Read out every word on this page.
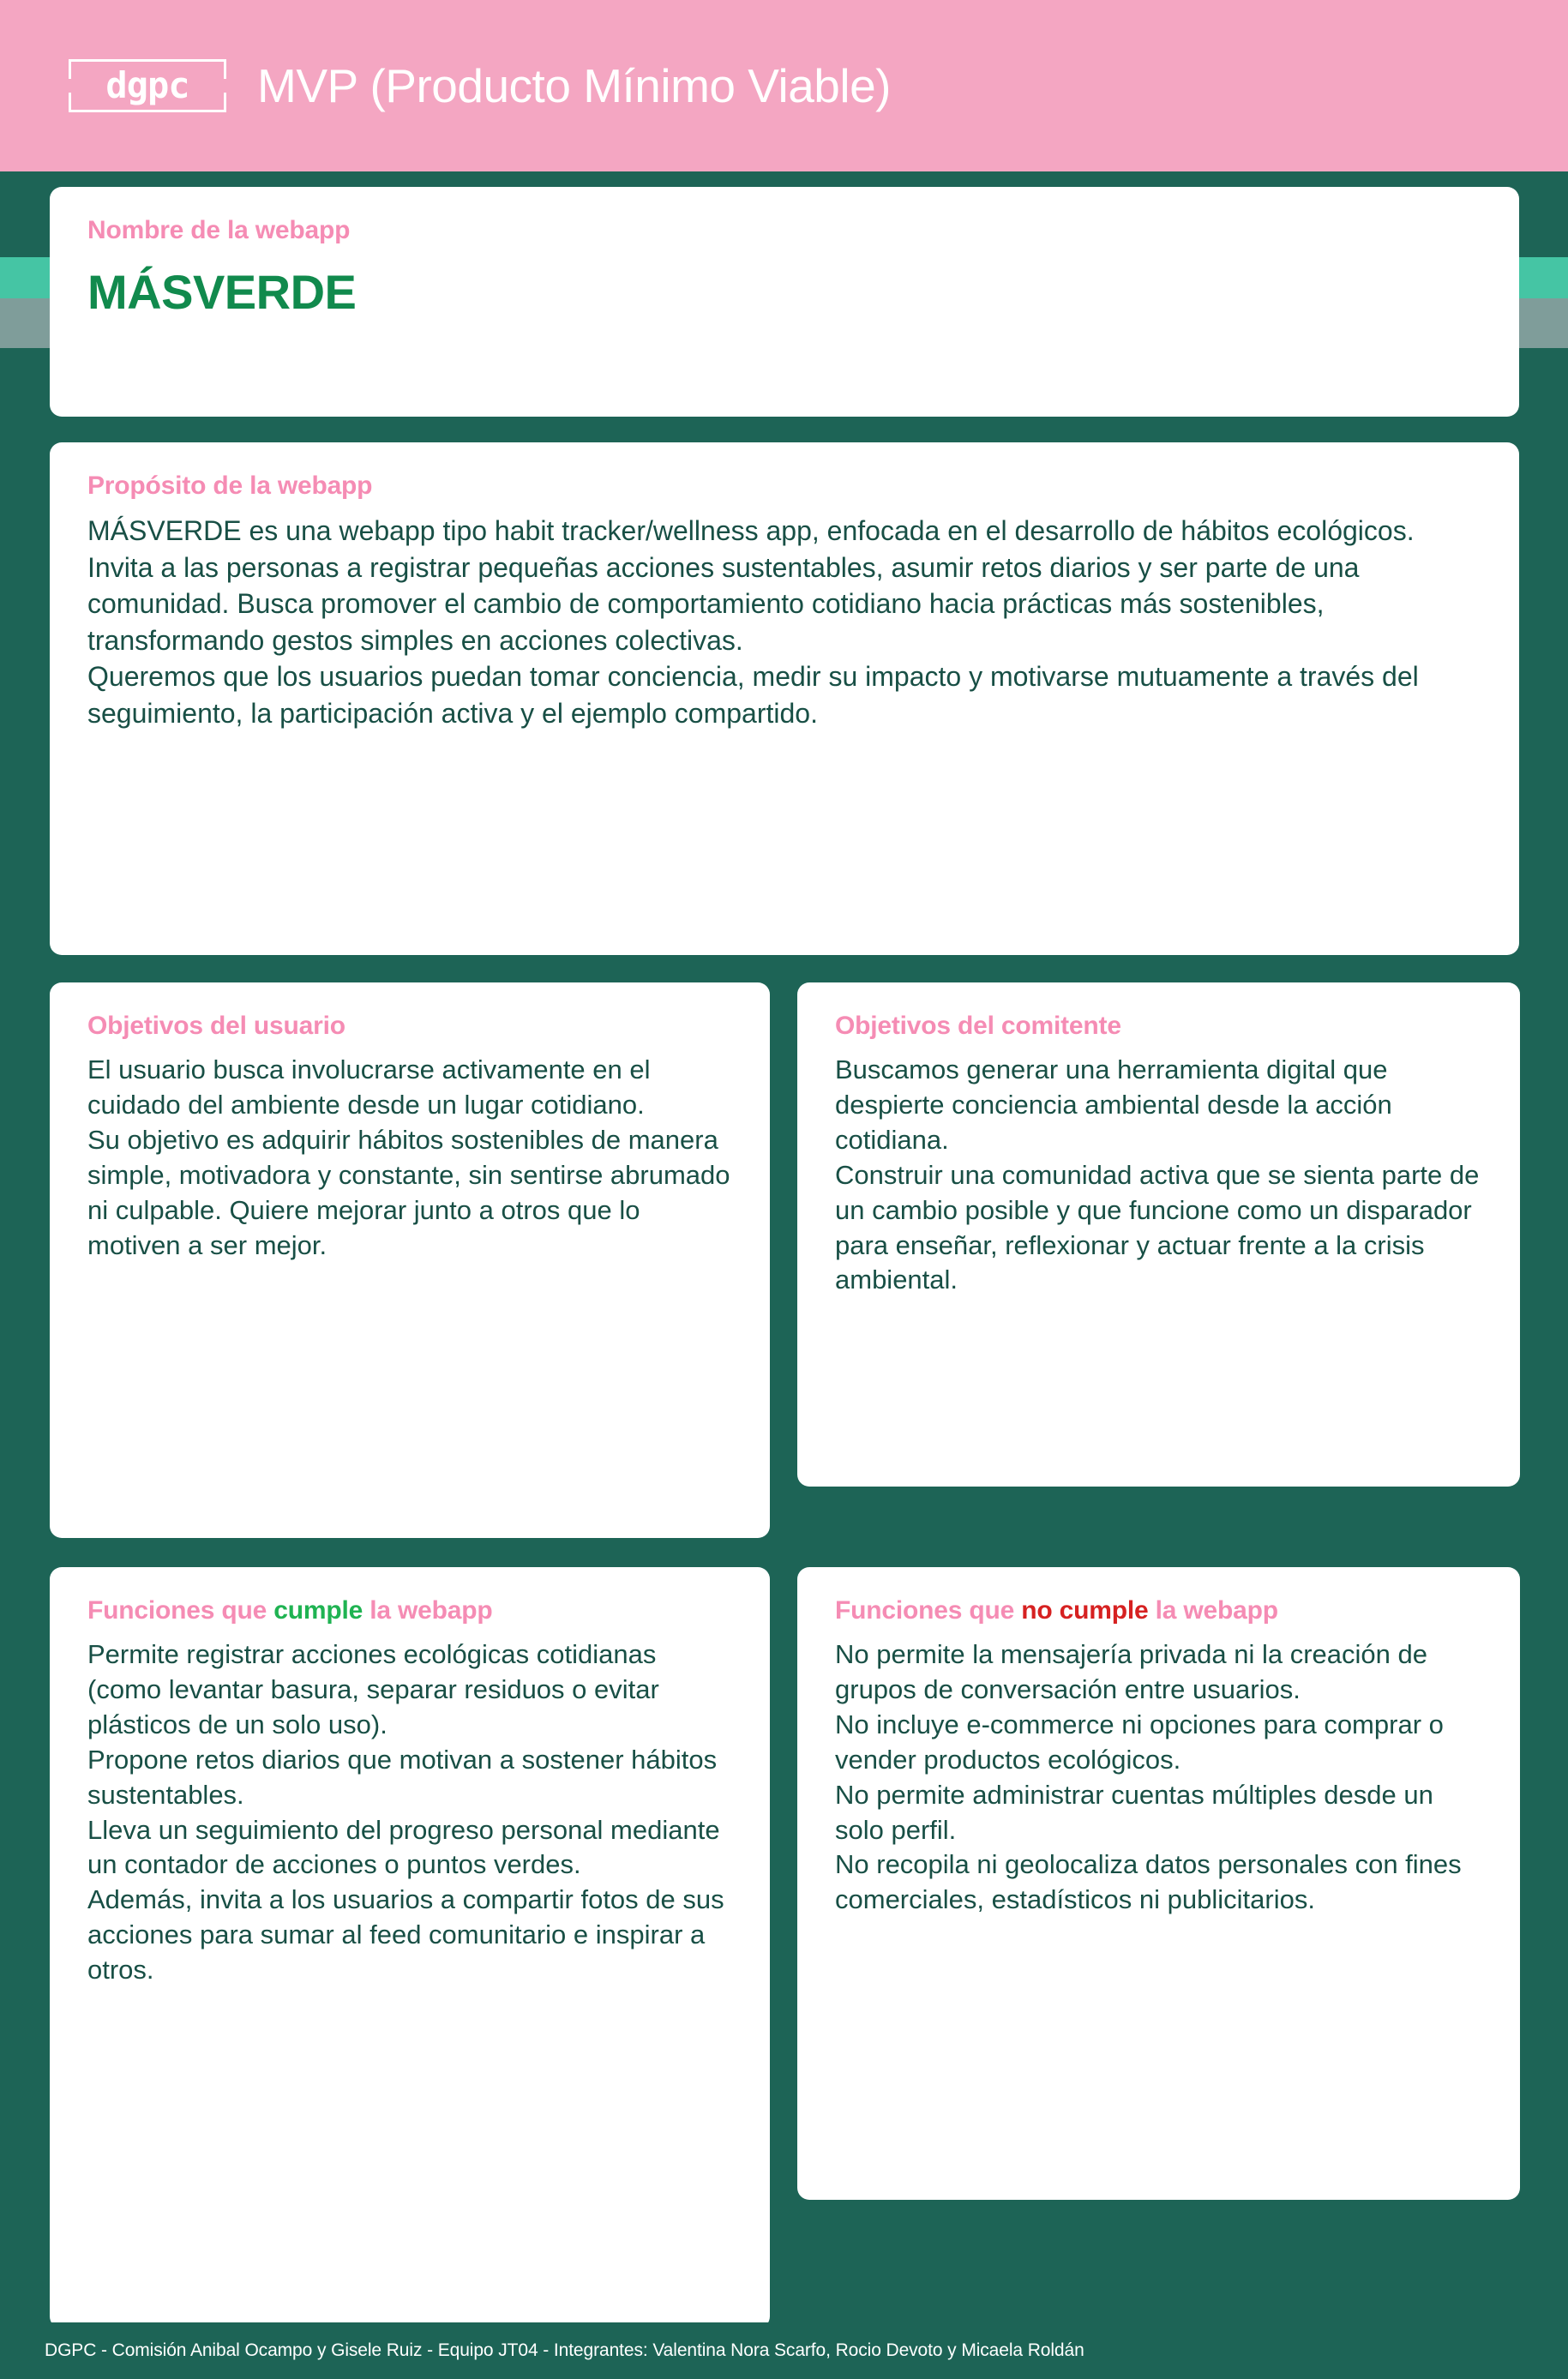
dgpc MVP (Producto Mínimo Viable)
Nombre de la webapp
MÁSVERDE
Propósito de la webapp
MÁSVERDE es una webapp tipo habit tracker/wellness app, enfocada en el desarrollo de hábitos ecológicos. Invita a las personas a registrar pequeñas acciones sustentables, asumir retos diarios y ser parte de una comunidad. Busca promover el cambio de comportamiento cotidiano hacia prácticas más sostenibles, transformando gestos simples en acciones colectivas.
Queremos que los usuarios puedan tomar conciencia, medir su impacto y motivarse mutuamente a través del seguimiento, la participación activa y el ejemplo compartido.
Objetivos del usuario
El usuario busca involucrarse activamente en el cuidado del ambiente desde un lugar cotidiano.
Su objetivo es adquirir hábitos sostenibles de manera simple, motivadora y constante, sin sentirse abrumado ni culpable. Quiere mejorar junto a otros que lo motiven a ser mejor.
Objetivos del comitente
Buscamos generar una herramienta digital que despierte conciencia ambiental desde la acción cotidiana.
Construir una comunidad activa que se sienta parte de un cambio posible y que funcione como un disparador para enseñar, reflexionar y actuar frente a la crisis ambiental.
Funciones que cumple la webapp
Permite registrar acciones ecológicas cotidianas (como levantar basura, separar residuos o evitar plásticos de un solo uso).
Propone retos diarios que motivan a sostener hábitos sustentables.
Lleva un seguimiento del progreso personal mediante un contador de acciones o puntos verdes.
Además, invita a los usuarios a compartir fotos de sus acciones para sumar al feed comunitario e inspirar a otros.
Funciones que no cumple la webapp
No permite la mensajería privada ni la creación de grupos de conversación entre usuarios.
No incluye e-commerce ni opciones para comprar o vender productos ecológicos.
No permite administrar cuentas múltiples desde un solo perfil.
No recopila ni geolocaliza datos personales con fines comerciales, estadísticos ni publicitarios.
DGPC - Comisión Anibal Ocampo y Gisele Ruiz - Equipo JT04 - Integrantes: Valentina Nora Scarfo, Rocio Devoto y Micaela Roldán
